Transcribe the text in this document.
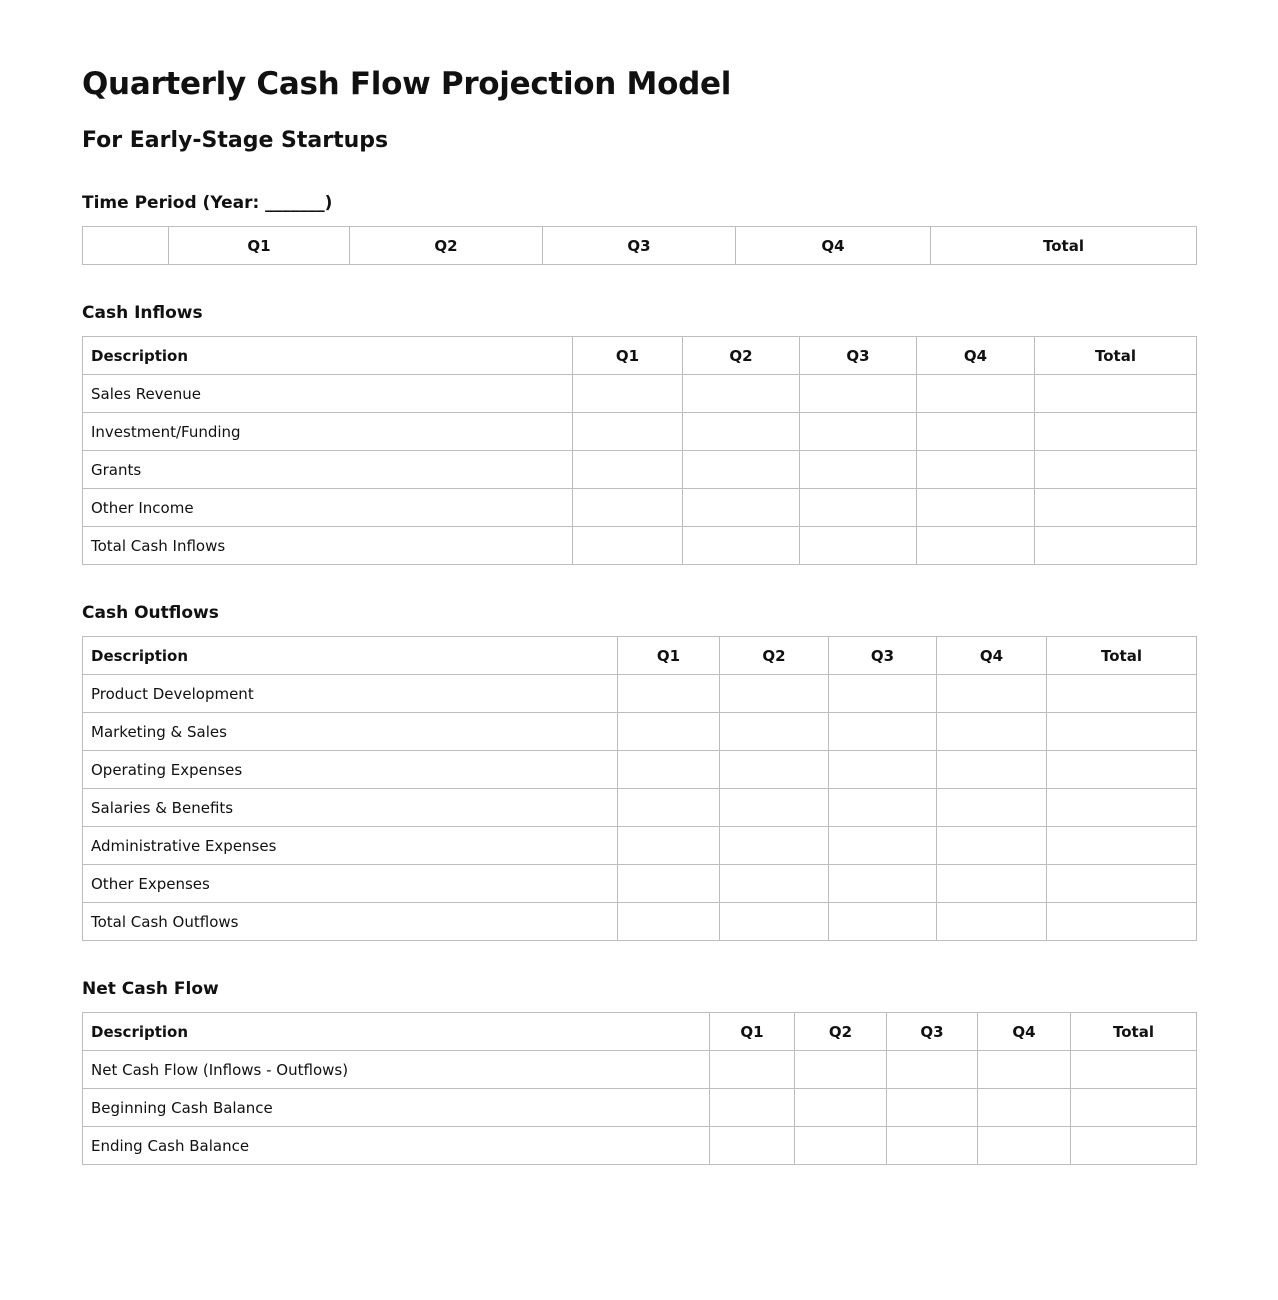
Quarterly Cash Flow Projection Model
For Early-Stage Startups
Time Period (Year: _______)
	Q1	Q2	Q3	Q4	Total
Cash Inflows
Description	Q1	Q2	Q3	Q4	Total
Sales Revenue					
Investment/Funding					
Grants					
Other Income					
Total Cash Inflows					
Cash Outflows
Description	Q1	Q2	Q3	Q4	Total
Product Development					
Marketing & Sales					
Operating Expenses					
Salaries & Benefits					
Administrative Expenses					
Other Expenses					
Total Cash Outflows					
Net Cash Flow
Description	Q1	Q2	Q3	Q4	Total
Net Cash Flow (Inflows - Outflows)					
Beginning Cash Balance					
Ending Cash Balance					
